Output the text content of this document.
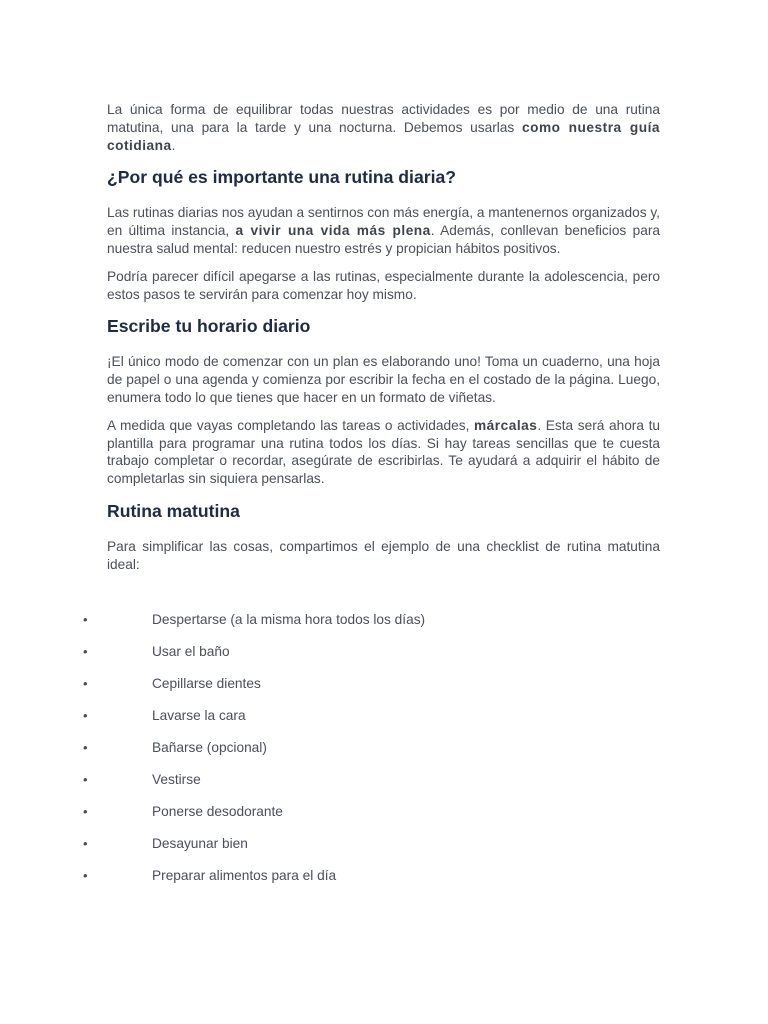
La única forma de equilibrar todas nuestras actividades es por medio de una rutina matutina, una para la tarde y una nocturna. Debemos usarlas como nuestra guía cotidiana.

¿Por qué es importante una rutina diaria?

Las rutinas diarias nos ayudan a sentirnos con más energía, a mantenernos organizados y, en última instancia, a vivir una vida más plena. Además, conllevan beneficios para nuestra salud mental: reducen nuestro estrés y propician hábitos positivos.

Podría parecer difícil apegarse a las rutinas, especialmente durante la adolescencia, pero estos pasos te servirán para comenzar hoy mismo.

Escribe tu horario diario

¡El único modo de comenzar con un plan es elaborando uno! Toma un cuaderno, una hoja de papel o una agenda y comienza por escribir la fecha en el costado de la página. Luego, enumera todo lo que tienes que hacer en un formato de viñetas.

A medida que vayas completando las tareas o actividades, márcalas. Esta será ahora tu plantilla para programar una rutina todos los días. Si hay tareas sencillas que te cuesta trabajo completar o recordar, asegúrate de escribirlas. Te ayudará a adquirir el hábito de completarlas sin siquiera pensarlas.

Rutina matutina

Para simplificar las cosas, compartimos el ejemplo de una checklist de rutina matutina ideal:

•	Despertarse (a la misma hora todos los días)
•	Usar el baño
•	Cepillarse dientes
•	Lavarse la cara
•	Bañarse (opcional)
•	Vestirse
•	Ponerse desodorante
•	Desayunar bien
•	Preparar alimentos para el día
